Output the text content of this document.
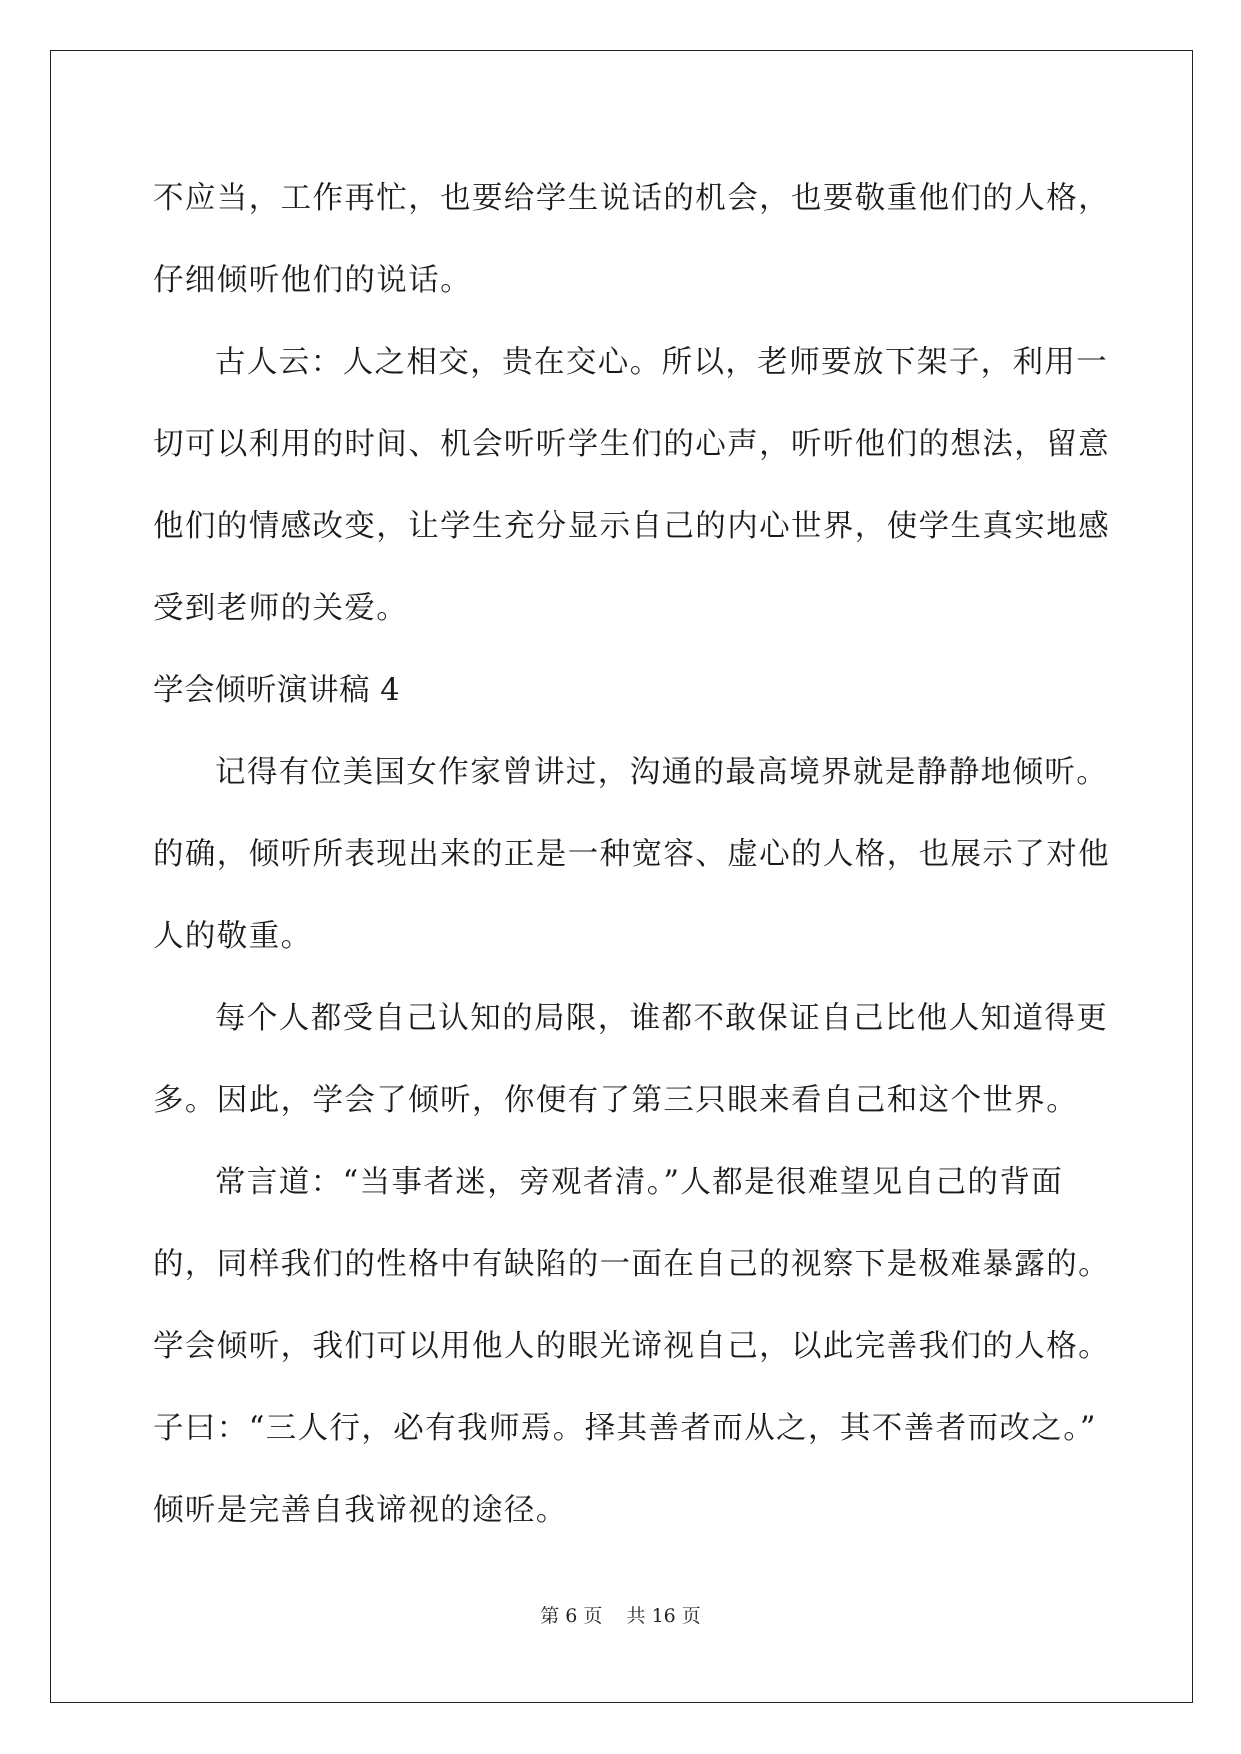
不应当，工作再忙，也要给学生说话的机会，也要敬重他们的人格，
仔细倾听他们的说话。
古人云：人之相交，贵在交心。所以，老师要放下架子，利用一
切可以利用的时间、机会听听学生们的心声，听听他们的想法，留意
他们的情感改变，让学生充分显示自己的内心世界，使学生真实地感
受到老师的关爱。
学会倾听演讲稿 4
记得有位美国女作家曾讲过，沟通的最高境界就是静静地倾听。
的确，倾听所表现出来的正是一种宽容、虚心的人格，也展示了对他
人的敬重。
每个人都受自己认知的局限，谁都不敢保证自己比他人知道得更
多。因此，学会了倾听，你便有了第三只眼来看自己和这个世界。
常言道：“当事者迷，旁观者清。”人都是很难望见自己的背面
的，同样我们的性格中有缺陷的一面在自己的视察下是极难暴露的。
学会倾听，我们可以用他人的眼光谛视自己，以此完善我们的人格。
子曰：“三人行，必有我师焉。择其善者而从之，其不善者而改之。”
倾听是完善自我谛视的途径。
第 6 页    共 16 页
